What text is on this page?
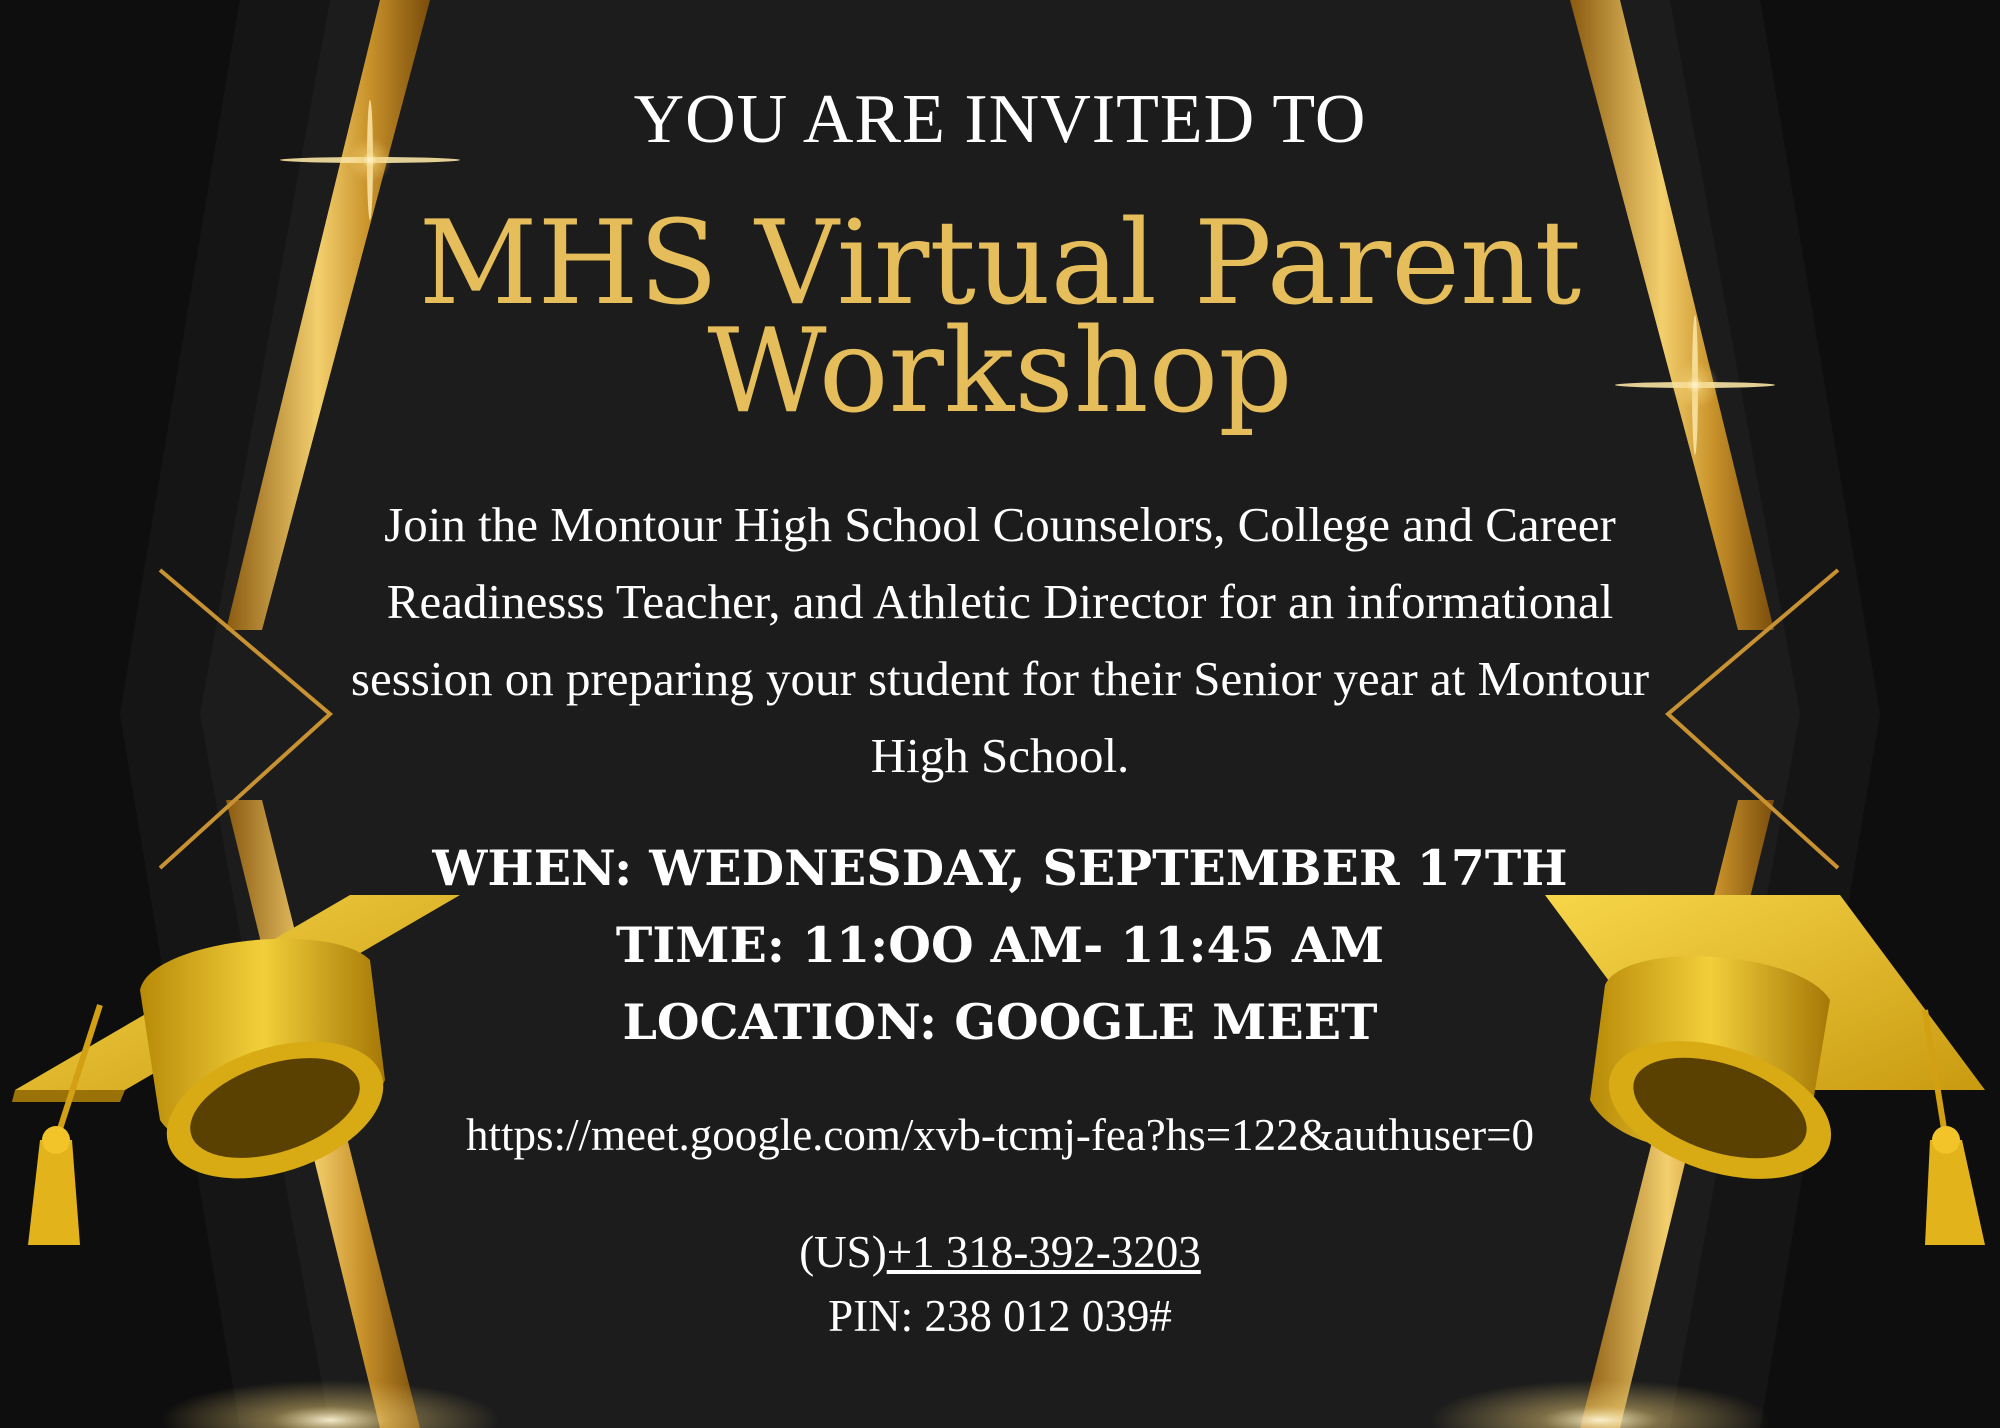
YOU ARE INVITED TO
MHS Virtual Parent
Workshop
Join the Montour High School Counselors, College and Career Readinesss Teacher, and Athletic Director for an informational session on preparing your student for their Senior year at Montour High School.
WHEN: WEDNESDAY, SEPTEMBER 17TH
TIME: 11:OO AM- 11:45 AM
LOCATION: GOOGLE MEET
https://meet.google.com/xvb-tcmj-fea?hs=122&authuser=0
(US)+1 318-392-3203
PIN: 238 012 039#
